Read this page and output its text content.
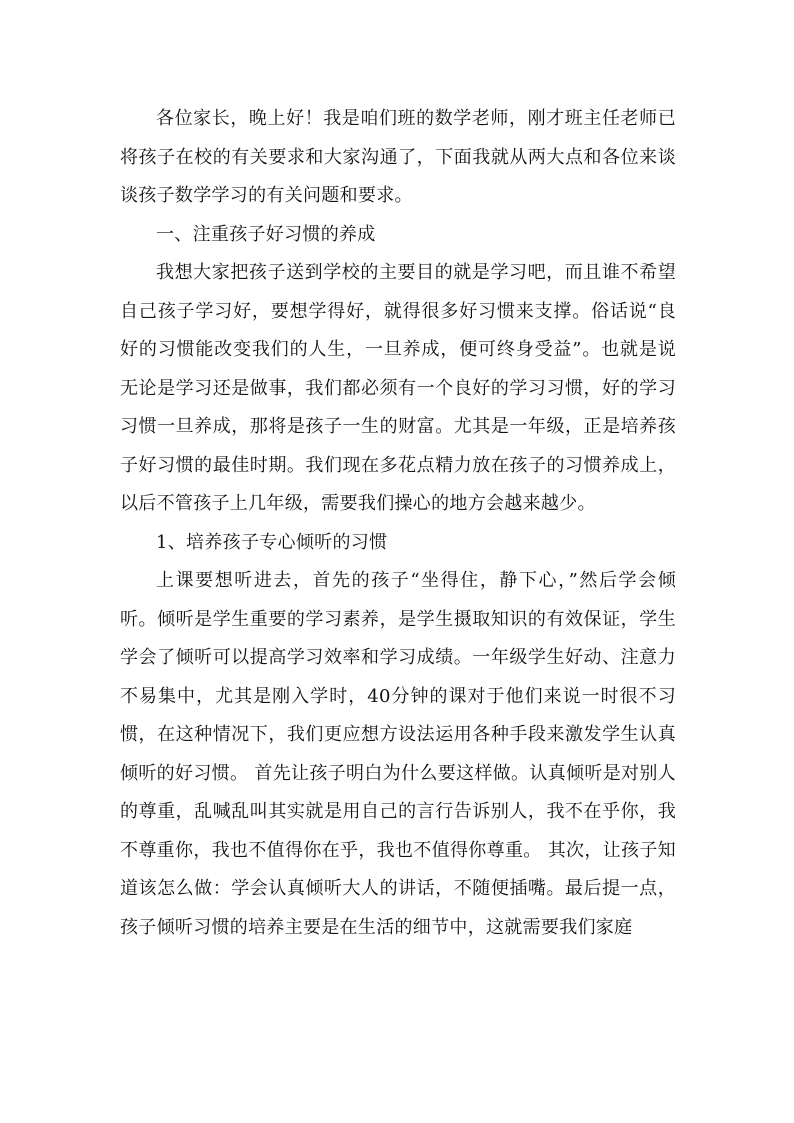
各位家长，晚上好！我是咱们班的数学老师，刚才班主任老师已将孩子在校的有关要求和大家沟通了，下面我就从两大点和各位来谈谈孩子数学学习的有关问题和要求。

一、注重孩子好习惯的养成

我想大家把孩子送到学校的主要目的就是学习吧，而且谁不希望自己孩子学习好，要想学得好，就得很多好习惯来支撑。俗话说“良好的习惯能改变我们的人生，一旦养成，便可终身受益”。也就是说无论是学习还是做事，我们都必须有一个良好的学习习惯，好的学习习惯一旦养成，那将是孩子一生的财富。尤其是一年级，正是培养孩子好习惯的最佳时期。我们现在多花点精力放在孩子的习惯养成上，以后不管孩子上几年级，需要我们操心的地方会越来越少。

1、培养孩子专心倾听的习惯

上课要想听进去，首先的孩子“坐得住，静下心，”然后学会倾听。倾听是学生重要的学习素养，是学生摄取知识的有效保证，学生学会了倾听可以提高学习效率和学习成绩。一年级学生好动、注意力不易集中，尤其是刚入学时，40分钟的课对于他们来说一时很不习惯，在这种情况下，我们更应想方设法运用各种手段来激发学生认真倾听的好习惯。 首先让孩子明白为什么要这样做。认真倾听是对别人的尊重，乱喊乱叫其实就是用自己的言行告诉别人，我不在乎你，我不尊重你，我也不值得你在乎，我也不值得你尊重。 其次，让孩子知道该怎么做：学会认真倾听大人的讲话，不随便插嘴。最后提一点，孩子倾听习惯的培养主要是在生活的细节中，这就需要我们家庭
